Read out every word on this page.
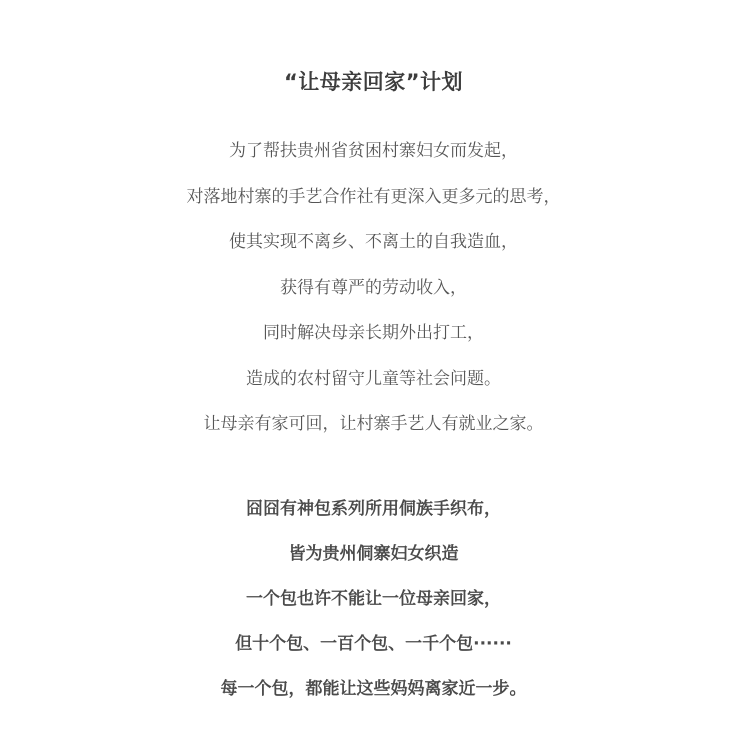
“让母亲回家”计划
为了帮扶贵州省贫困村寨妇女而发起，
对落地村寨的手艺合作社有更深入更多元的思考，
使其实现不离乡、不离土的自我造血，
获得有尊严的劳动收入，
同时解决母亲长期外出打工，
造成的农村留守儿童等社会问题。
让母亲有家可回，让村寨手艺人有就业之家。
囧囧有神包系列所用侗族手织布，
皆为贵州侗寨妇女织造
一个包也许不能让一位母亲回家，
但十个包、一百个包、一千个包······
每一个包，都能让这些妈妈离家近一步。
